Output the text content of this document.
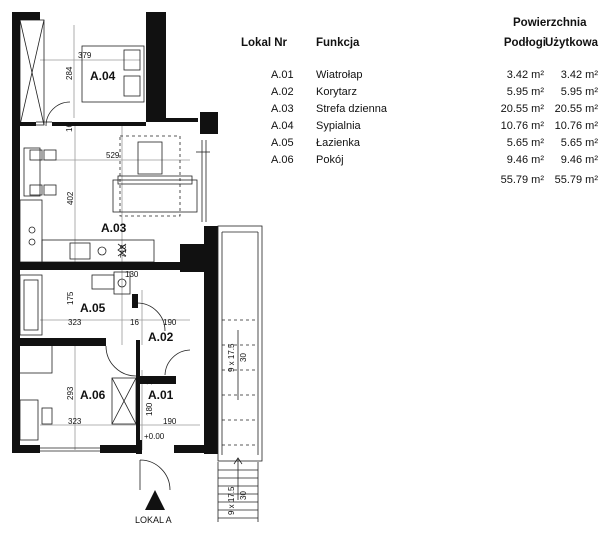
A.04
A.03
A.05
A.02
A.06	A.01
379
284
16
529
402
718
130
175
323	16	190
293
16
180
323	190
9 x 17.5 30
9 x 17.5 30
+0.00
LOKAL A
Powierzchnia
Lokal Nr	Funkcja	Podłogi
Użytkowa
A.01 Wiatrołap	3.42 m²	3.42 m²
A.02 Korytarz	5.95 m²	5.95 m²
A.03 Strefa dzienna	20.55 m² 20.55 m²
A.04 Sypialnia	10.76 m² 10.76 m²
A.05 Łazienka	5.65 m²	5.65 m²
A.06 Pokój	9.46 m²	9.46 m²
55.79 m² 55.79 m²
